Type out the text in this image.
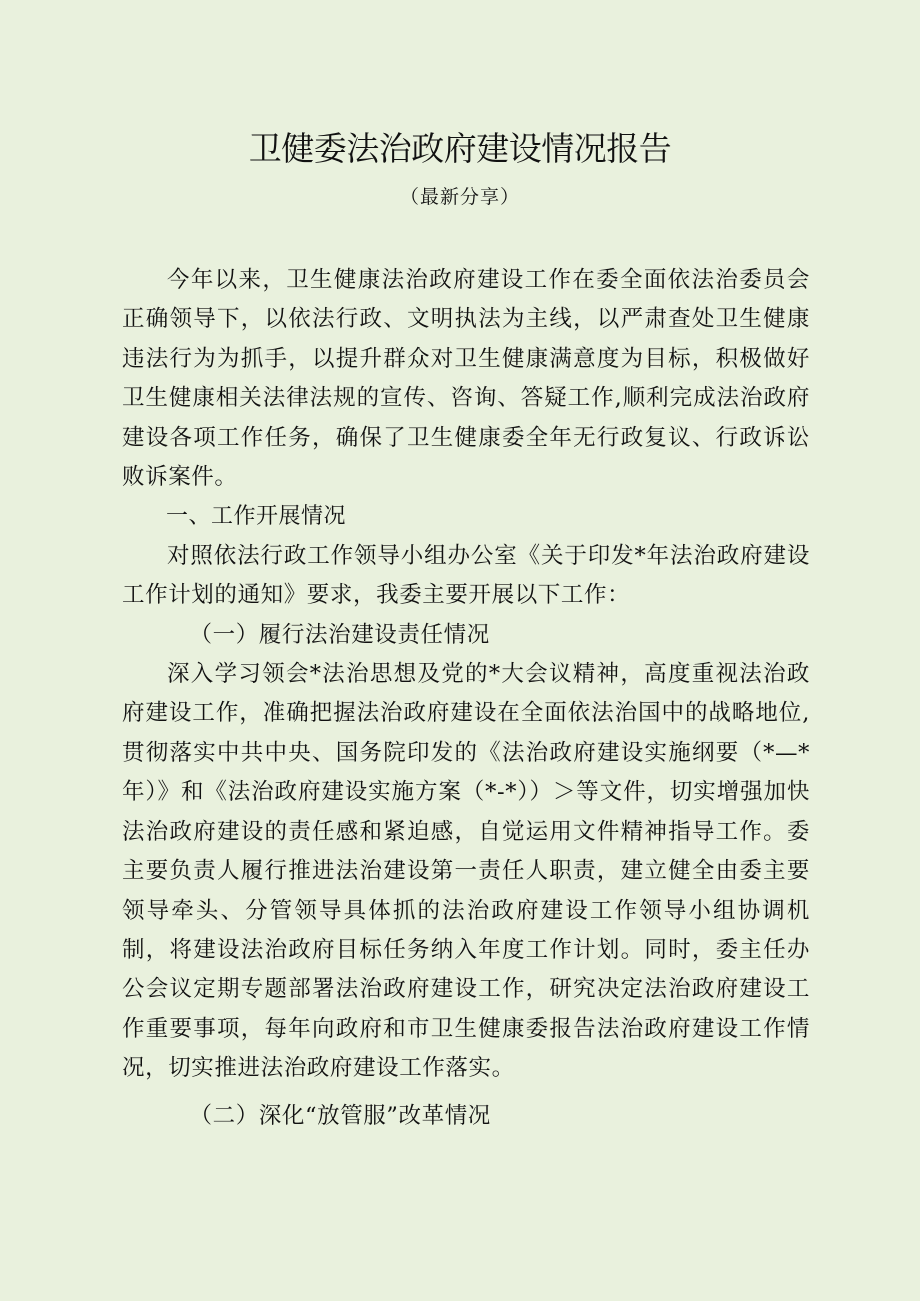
卫健委法治政府建设情况报告
（最新分享）

今年以来，卫生健康法治政府建设工作在委全面依法治委员会正确领导下，以依法行政、文明执法为主线，以严肃查处卫生健康违法行为为抓手，以提升群众对卫生健康满意度为目标，积极做好卫生健康相关法律法规的宣传、咨询、答疑工作,顺利完成法治政府建设各项工作任务，确保了卫生健康委全年无行政复议、行政诉讼败诉案件。

一、工作开展情况

对照依法行政工作领导小组办公室《关于印发*年法治政府建设工作计划的通知》要求，我委主要开展以下工作：

（一）履行法治建设责任情况

深入学习领会*法治思想及党的*大会议精神，高度重视法治政府建设工作，准确把握法治政府建设在全面依法治国中的战略地位,贯彻落实中共中央、国务院印发的《法治政府建设实施纲要（*—*年）》和《法治政府建设实施方案（*-*））＞等文件，切实增强加快法治政府建设的责任感和紧迫感，自觉运用文件精神指导工作。委主要负责人履行推进法治建设第一责任人职责，建立健全由委主要领导牵头、分管领导具体抓的法治政府建设工作领导小组协调机制，将建设法治政府目标任务纳入年度工作计划。同时，委主任办公会议定期专题部署法治政府建设工作，研究决定法治政府建设工作重要事项，每年向政府和市卫生健康委报告法治政府建设工作情况，切实推进法治政府建设工作落实。

（二）深化“放管服”改革情况
